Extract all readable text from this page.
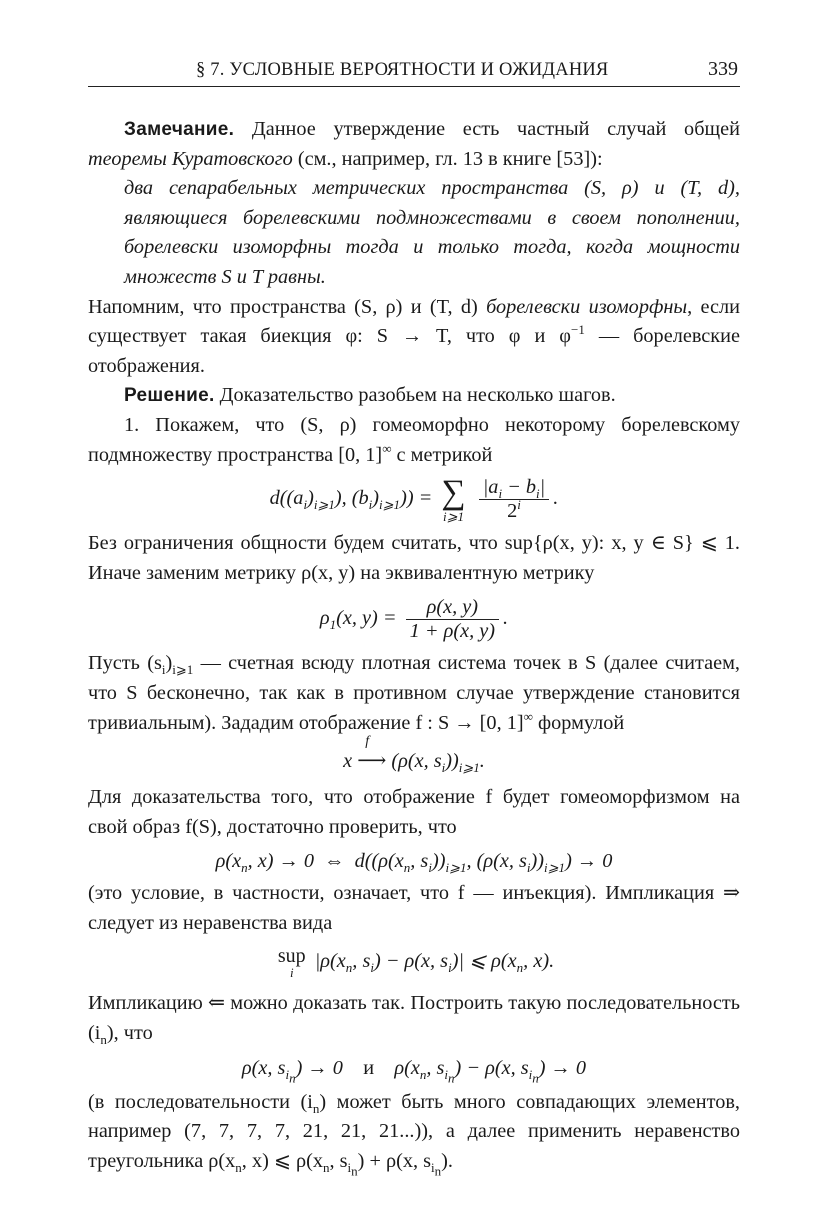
§ 7. УСЛОВНЫЕ ВЕРОЯТНОСТИ И ОЖИДАНИЯ	339

Замечание. Данное утверждение есть частный случай общей теоремы Куратовского (см., например, гл. 13 в книге [53]):

два сепарабельных метрических пространства (S, ρ) и (T, d), являющиеся борелевскими подмножествами в своем пополнении, борелевски изоморфны тогда и только тогда, когда мощности множеств S и T равны.

Напомним, что пространства (S, ρ) и (T, d) борелевски изоморфны, если существует такая биекция φ: S → T, что φ и $\varphi^{-1}$ — борелевские отображения.

Решение. Доказательство разобьем на несколько шагов.

1. Покажем, что (S, ρ) гомеоморфно некоторому борелевскому подмножеству пространства [0, 1]∞ с метрикой

$d((a_i)_{i⩾1})$, $(b_i)_{i⩾1}$)) = ∑
i⩾1
$\frac{|a_i - b_i|}{2^i}$ .

Без ограничения общности будем считать, что sup{ρ(x, y): x, y ∈ S} ⩽ 1. Иначе заменим метрику ρ(x, y) на эквивалентную метрику

$\rho_1(x$, $y) = \frac{\rho(x, y)}{1 + \rho(x, y)}$ .

Пусть $(s_i)_{i⩾1}$ — счетная всюду плотная система точек в S (далее считаем, что S бесконечно, так как в противном случае утверждение становится тривиальным). Зададим отображение f : S → [0, 1]∞ формулой

x
f
⟶ (ρ(x, $s_i))_{i⩾1}$.

Для доказательства того, что отображение f будет гомеоморфизмом на свой образ f(S), достаточно проверить, что

$\rho(x_n$, x) → 0  ⇔  $d((\rho(x_n$, $s_i))_{i⩾1}$, (ρ(x, $s_i))_{i⩾1}) \to 0$

(это условие, в частности, означает, что f — инъекция). Импликация ⇒ следует из неравенства вида

sup
i
$|\rho(x_n$, $s_i) - \rho(x$, $s_i)|$ ⩽ $\rho(x_n$, x).

Импликацию ⇐ можно доказать так. Построить такую последовательность $(i_n)$, что

ρ(x, $s_{i_n}) \to 0$    и    $\rho(x_n$, $s_{i_n}) - \rho(x$, $s_{i_n}) \to 0$

(в последовательности $(i_n)$ может быть много совпадающих элементов, например (7, 7, 7, 7, 21, 21, 21...)), а далее применить неравенство треугольника $\rho(x_n$, x) ⩽ $\rho(x_n$, $s_{i_n}) + \rho(x$, $s_{i_n}$).
